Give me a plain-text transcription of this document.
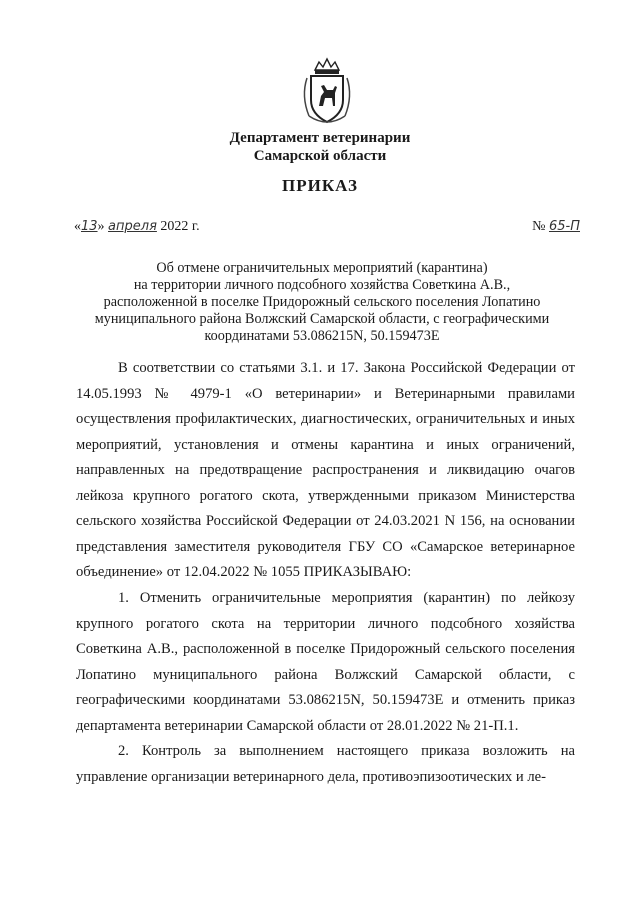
Департамент ветеринарии
Самарской области
ПРИКАЗ
«13» апреля 2022 г.	№ 65-П
Об отмене ограничительных мероприятий (карантина)
на территории личного подсобного хозяйства Советкина А.В.,
расположенной в поселке Придорожный сельского поселения Лопатино
муниципального района Волжский Самарской области, с географическими
координатами 53.086215N, 50.159473E

В соответствии со статьями 3.1. и 17. Закона Российской Федерации от 14.05.1993 № 4979-1 «О ветеринарии» и Ветеринарными правилами осуществления профилактических, диагностических, ограничительных и иных мероприятий, установления и отмены карантина и иных ограничений, направленных на предотвращение распространения и ликвидацию очагов лейкоза крупного рогатого скота, утвержденными приказом Министерства сельского хозяйства Российской Федерации от 24.03.2021 N 156, на основании представления заместителя руководителя ГБУ СО «Самарское ветеринарное объединение» от 12.04.2022 № 1055 ПРИКАЗЫВАЮ:

1. Отменить ограничительные мероприятия (карантин) по лейкозу крупного рогатого скота на территории личного подсобного хозяйства Советкина А.В., расположенной в поселке Придорожный сельского поселения Лопатино муниципального района Волжский Самарской области, с географическими координатами 53.086215N, 50.159473E и отменить приказ департамента ветеринарии Самарской области от 28.01.2022 № 21-П.1.

2. Контроль за выполнением настоящего приказа возложить на управление организации ветеринарного дела, противоэпизоотических и ле-
